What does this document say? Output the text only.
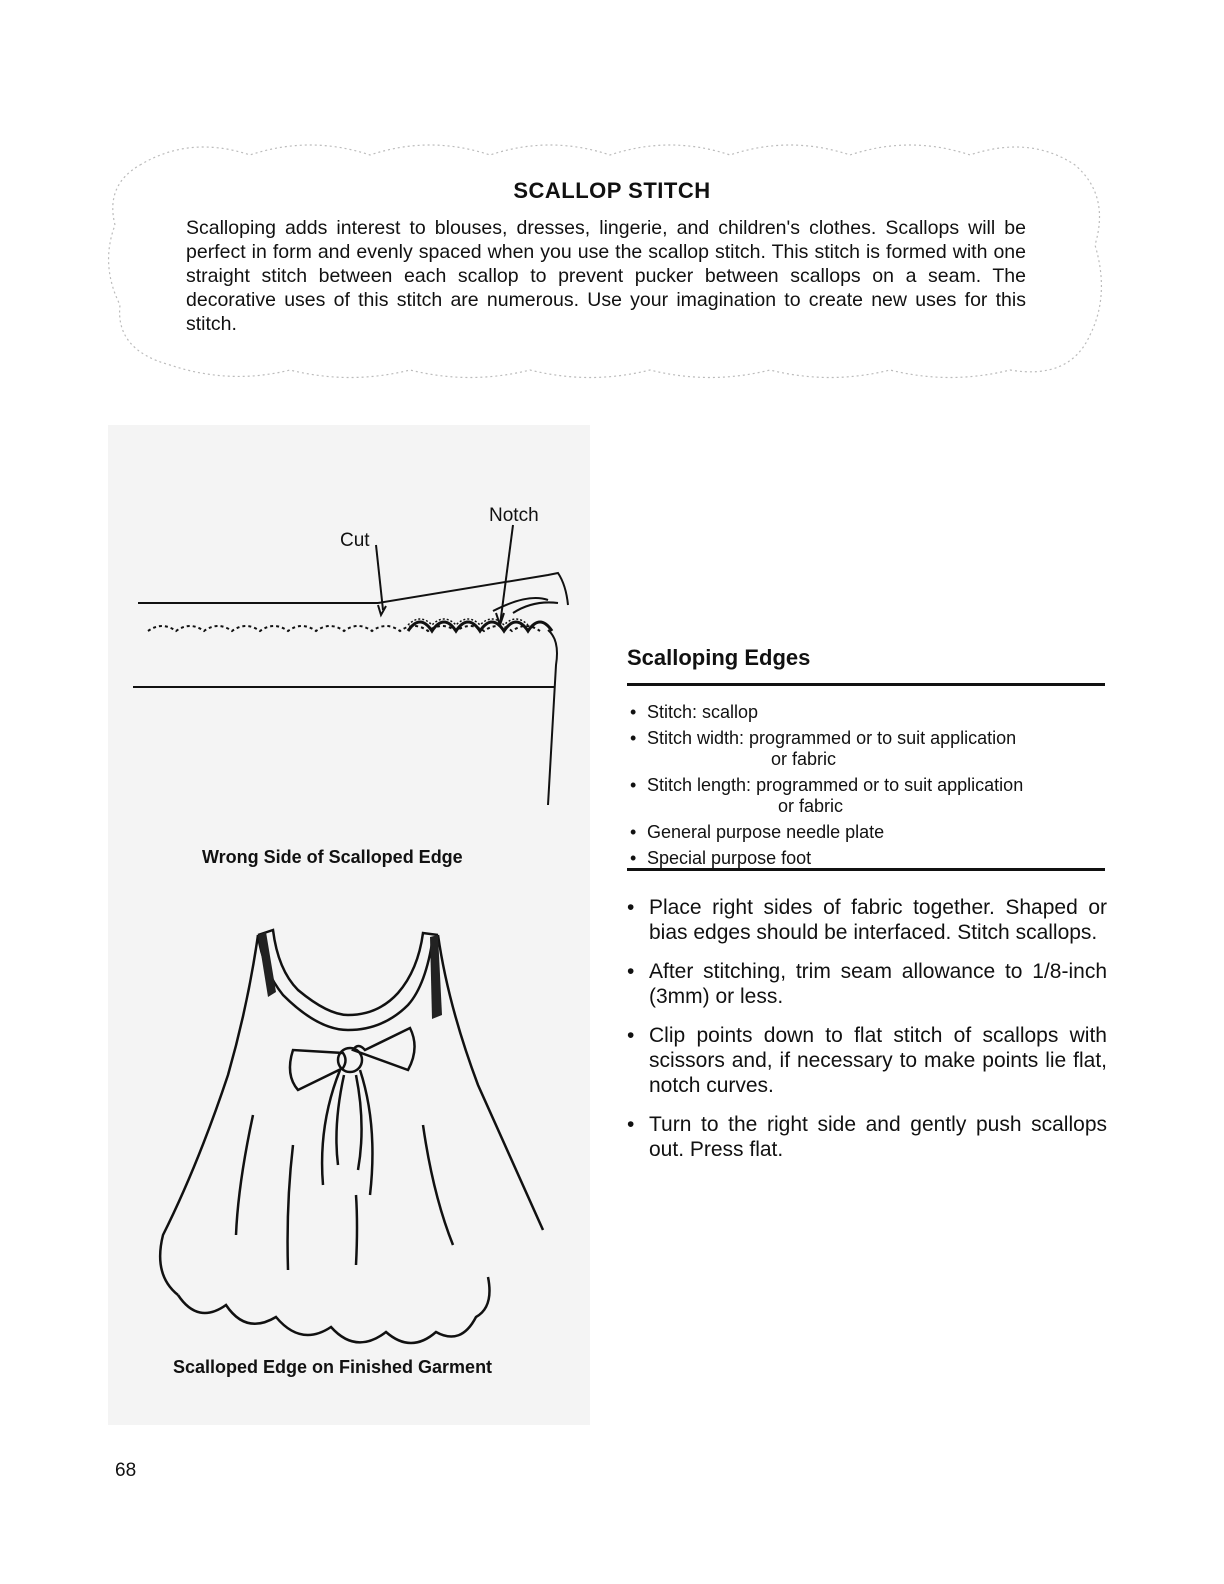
SCALLOP STITCH
Scalloping adds interest to blouses, dresses, lingerie, and children's clothes. Scallops will be perfect in form and evenly spaced when you use the scallop stitch. This stitch is formed with one straight stitch between each scallop to prevent pucker between scallops on a seam. The decorative uses of this stitch are numerous. Use your imagination to create new uses for this stitch.
Cut
Notch
Wrong Side of Scalloped Edge
Scalloped Edge on Finished Garment
Scalloping Edges
• Stitch: scallop
• Stitch width: programmed or to suit application
or fabric
• Stitch length: programmed or to suit application
or fabric
• General purpose needle plate
• Special purpose foot
• Place right sides of fabric together. Shaped or bias edges should be interfaced. Stitch scallops.
• After stitching, trim seam allowance to 1/8-inch (3mm) or less.
• Clip points down to flat stitch of scallops with scissors and, if necessary to make points lie flat, notch curves.
• Turn to the right side and gently push scallops out. Press flat.
68
